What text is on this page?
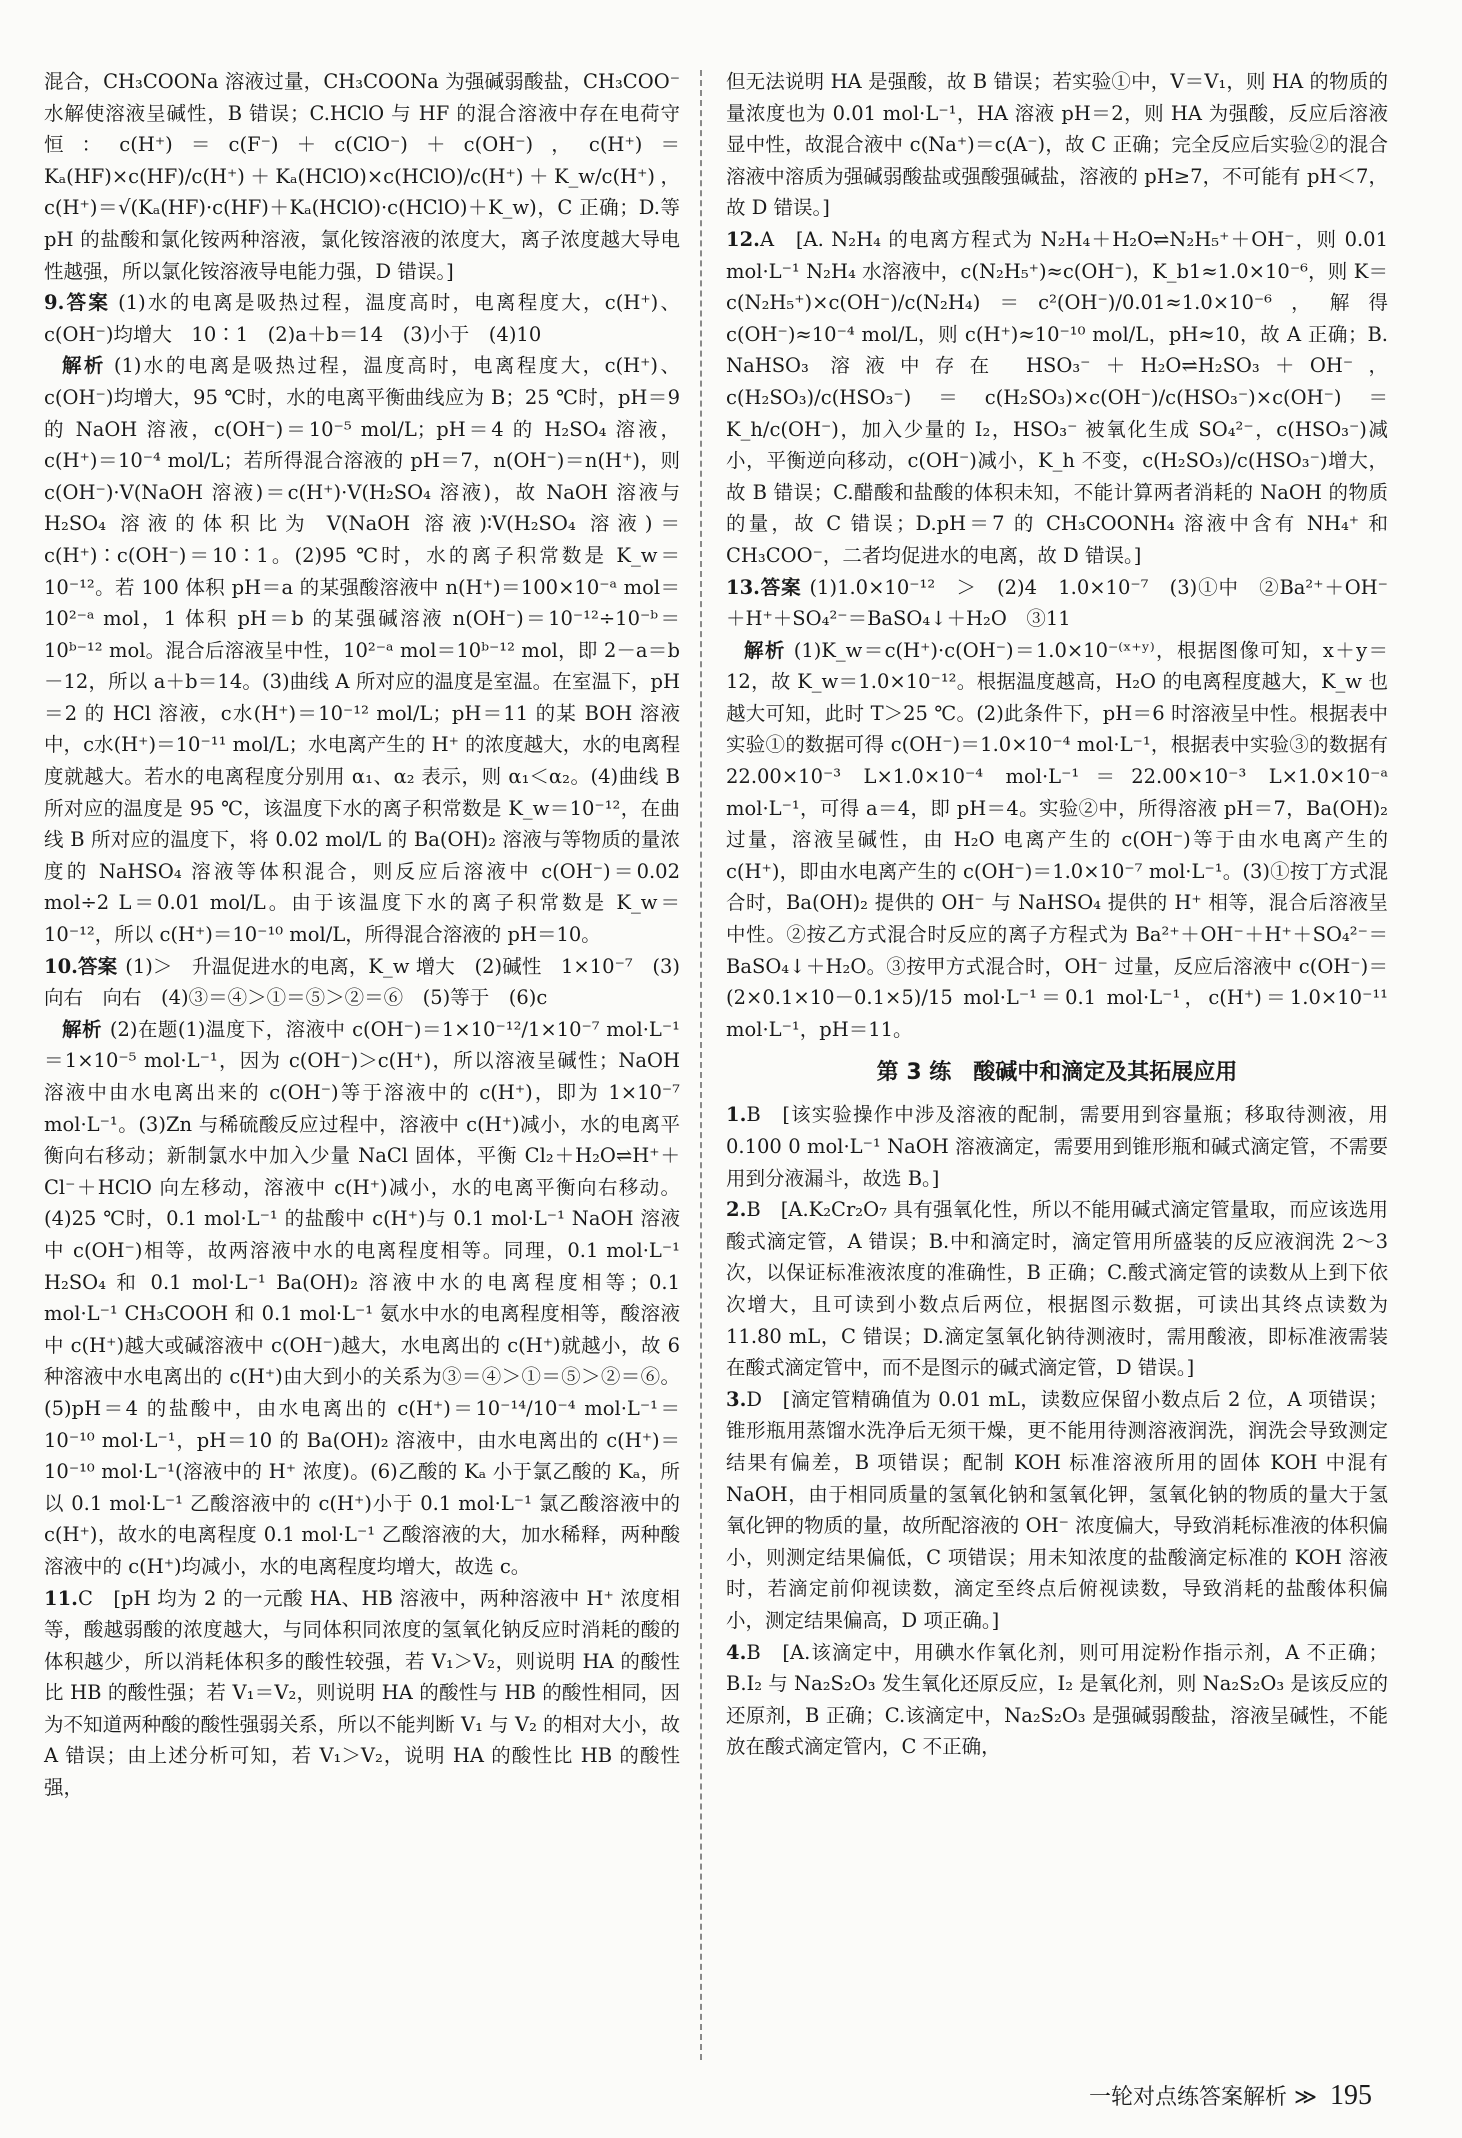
混合，CH₃COONa 溶液过量，CH₃COONa 为强碱弱酸盐，CH₃COO⁻ 水解使溶液呈碱性，B 错误；C.HClO 与 HF 的混合溶液中存在电荷守恒：c(H⁺)＝c(F⁻)＋c(ClO⁻)＋c(OH⁻)，c(H⁺)＝Kₐ(HF)×c(HF)/c(H⁺)＋Kₐ(HClO)×c(HClO)/c(H⁺)＋K_w/c(H⁺)，c(H⁺)＝√(Kₐ(HF)·c(HF)＋Kₐ(HClO)·c(HClO)＋K_w)，C 正确；D.等 pH 的盐酸和氯化铵两种溶液，氯化铵溶液的浓度大，离子浓度越大导电性越强，所以氯化铵溶液导电能力强，D 错误。]

9.答案 (1)水的电离是吸热过程，温度高时，电离程度大，c(H⁺)、c(OH⁻)均增大　10∶1　(2)a＋b＝14　(3)小于　(4)10

解析 (1)水的电离是吸热过程，温度高时，电离程度大，c(H⁺)、c(OH⁻)均增大，95 ℃时，水的电离平衡曲线应为 B；25 ℃时，pH＝9 的 NaOH 溶液，c(OH⁻)＝10⁻⁵ mol/L；pH＝4 的 H₂SO₄ 溶液，c(H⁺)＝10⁻⁴ mol/L；若所得混合溶液的 pH＝7，n(OH⁻)＝n(H⁺)，则 c(OH⁻)·V(NaOH 溶液)＝c(H⁺)·V(H₂SO₄ 溶液)，故 NaOH 溶液与 H₂SO₄ 溶液的体积比为 V(NaOH 溶液)∶V(H₂SO₄ 溶液)＝c(H⁺)∶c(OH⁻)＝10∶1。(2)95 ℃时，水的离子积常数是 K_w＝10⁻¹²。若 100 体积 pH＝a 的某强酸溶液中 n(H⁺)＝100×10⁻ᵃ mol＝10²⁻ᵃ mol，1 体积 pH＝b 的某强碱溶液 n(OH⁻)＝10⁻¹²÷10⁻ᵇ＝10ᵇ⁻¹² mol。混合后溶液呈中性，10²⁻ᵃ mol＝10ᵇ⁻¹² mol，即 2－a＝b－12，所以 a＋b＝14。(3)曲线 A 所对应的温度是室温。在室温下，pH＝2 的 HCl 溶液，c水(H⁺)＝10⁻¹² mol/L；pH＝11 的某 BOH 溶液中，c水(H⁺)＝10⁻¹¹ mol/L；水电离产生的 H⁺ 的浓度越大，水的电离程度就越大。若水的电离程度分别用 α₁、α₂ 表示，则 α₁＜α₂。(4)曲线 B 所对应的温度是 95 ℃，该温度下水的离子积常数是 K_w＝10⁻¹²，在曲线 B 所对应的温度下，将 0.02 mol/L 的 Ba(OH)₂ 溶液与等物质的量浓度的 NaHSO₄ 溶液等体积混合，则反应后溶液中 c(OH⁻)＝0.02 mol÷2 L＝0.01 mol/L。由于该温度下水的离子积常数是 K_w＝10⁻¹²，所以 c(H⁺)＝10⁻¹⁰ mol/L，所得混合溶液的 pH＝10。

10.答案 (1)＞　升温促进水的电离，K_w 增大　(2)碱性　1×10⁻⁷　(3)向右　向右　(4)③＝④＞①＝⑤＞②＝⑥　(5)等于　(6)c

解析 (2)在题(1)温度下，溶液中 c(OH⁻)＝1×10⁻¹²/1×10⁻⁷ mol·L⁻¹＝1×10⁻⁵ mol·L⁻¹，因为 c(OH⁻)＞c(H⁺)，所以溶液呈碱性；NaOH 溶液中由水电离出来的 c(OH⁻)等于溶液中的 c(H⁺)，即为 1×10⁻⁷ mol·L⁻¹。(3)Zn 与稀硫酸反应过程中，溶液中 c(H⁺)减小，水的电离平衡向右移动；新制氯水中加入少量 NaCl 固体，平衡 Cl₂＋H₂O⇌H⁺＋Cl⁻＋HClO 向左移动，溶液中 c(H⁺)减小，水的电离平衡向右移动。(4)25 ℃时，0.1 mol·L⁻¹ 的盐酸中 c(H⁺)与 0.1 mol·L⁻¹ NaOH 溶液中 c(OH⁻)相等，故两溶液中水的电离程度相等。同理，0.1 mol·L⁻¹ H₂SO₄ 和 0.1 mol·L⁻¹ Ba(OH)₂ 溶液中水的电离程度相等；0.1 mol·L⁻¹ CH₃COOH 和 0.1 mol·L⁻¹ 氨水中水的电离程度相等，酸溶液中 c(H⁺)越大或碱溶液中 c(OH⁻)越大，水电离出的 c(H⁺)就越小，故 6 种溶液中水电离出的 c(H⁺)由大到小的关系为③＝④＞①＝⑤＞②＝⑥。(5)pH＝4 的盐酸中，由水电离出的 c(H⁺)＝10⁻¹⁴/10⁻⁴ mol·L⁻¹＝10⁻¹⁰ mol·L⁻¹，pH＝10 的 Ba(OH)₂ 溶液中，由水电离出的 c(H⁺)＝10⁻¹⁰ mol·L⁻¹(溶液中的 H⁺ 浓度)。(6)乙酸的 Kₐ 小于氯乙酸的 Kₐ，所以 0.1 mol·L⁻¹ 乙酸溶液中的 c(H⁺)小于 0.1 mol·L⁻¹ 氯乙酸溶液中的 c(H⁺)，故水的电离程度 0.1 mol·L⁻¹ 乙酸溶液的大，加水稀释，两种酸溶液中的 c(H⁺)均减小，水的电离程度均增大，故选 c。

11.C　[pH 均为 2 的一元酸 HA、HB 溶液中，两种溶液中 H⁺ 浓度相等，酸越弱酸的浓度越大，与同体积同浓度的氢氧化钠反应时消耗的酸的体积越少，所以消耗体积多的酸性较强，若 V₁＞V₂，则说明 HA 的酸性比 HB 的酸性强；若 V₁＝V₂，则说明 HA 的酸性与 HB 的酸性相同，因为不知道两种酸的酸性强弱关系，所以不能判断 V₁ 与 V₂ 的相对大小，故 A 错误；由上述分析可知，若 V₁＞V₂，说明 HA 的酸性比 HB 的酸性强，

但无法说明 HA 是强酸，故 B 错误；若实验①中，V＝V₁，则 HA 的物质的量浓度也为 0.01 mol·L⁻¹，HA 溶液 pH＝2，则 HA 为强酸，反应后溶液显中性，故混合液中 c(Na⁺)＝c(A⁻)，故 C 正确；完全反应后实验②的混合溶液中溶质为强碱弱酸盐或强酸强碱盐，溶液的 pH≥7，不可能有 pH＜7，故 D 错误。]

12.A　[A. N₂H₄ 的电离方程式为 N₂H₄＋H₂O⇌N₂H₅⁺＋OH⁻，则 0.01 mol·L⁻¹ N₂H₄ 水溶液中，c(N₂H₅⁺)≈c(OH⁻)，K_b1≈1.0×10⁻⁶，则 K＝c(N₂H₅⁺)×c(OH⁻)/c(N₂H₄)＝c²(OH⁻)/0.01≈1.0×10⁻⁶，解得 c(OH⁻)≈10⁻⁴ mol/L，则 c(H⁺)≈10⁻¹⁰ mol/L，pH≈10，故 A 正确；B. NaHSO₃ 溶液中存在 HSO₃⁻＋H₂O⇌H₂SO₃＋OH⁻，c(H₂SO₃)/c(HSO₃⁻)＝c(H₂SO₃)×c(OH⁻)/c(HSO₃⁻)×c(OH⁻)＝K_h/c(OH⁻)，加入少量的 I₂，HSO₃⁻ 被氧化生成 SO₄²⁻，c(HSO₃⁻)减小，平衡逆向移动，c(OH⁻)减小，K_h 不变，c(H₂SO₃)/c(HSO₃⁻)增大，故 B 错误；C.醋酸和盐酸的体积未知，不能计算两者消耗的 NaOH 的物质的量，故 C 错误；D.pH＝7 的 CH₃COONH₄ 溶液中含有 NH₄⁺ 和 CH₃COO⁻，二者均促进水的电离，故 D 错误。]

13.答案 (1)1.0×10⁻¹²　＞　(2)4　1.0×10⁻⁷　(3)①中　②Ba²⁺＋OH⁻＋H⁺＋SO₄²⁻＝BaSO₄↓＋H₂O　③11

解析 (1)K_w＝c(H⁺)·c(OH⁻)＝1.0×10⁻⁽ˣ⁺ʸ⁾，根据图像可知，x＋y＝12，故 K_w＝1.0×10⁻¹²。根据温度越高，H₂O 的电离程度越大，K_w 也越大可知，此时 T＞25 ℃。(2)此条件下，pH＝6 时溶液呈中性。根据表中实验①的数据可得 c(OH⁻)＝1.0×10⁻⁴ mol·L⁻¹，根据表中实验③的数据有 22.00×10⁻³ L×1.0×10⁻⁴ mol·L⁻¹＝22.00×10⁻³ L×1.0×10⁻ᵃ mol·L⁻¹，可得 a＝4，即 pH＝4。实验②中，所得溶液 pH＝7，Ba(OH)₂ 过量，溶液呈碱性，由 H₂O 电离产生的 c(OH⁻)等于由水电离产生的 c(H⁺)，即由水电离产生的 c(OH⁻)＝1.0×10⁻⁷ mol·L⁻¹。(3)①按丁方式混合时，Ba(OH)₂ 提供的 OH⁻ 与 NaHSO₄ 提供的 H⁺ 相等，混合后溶液呈中性。②按乙方式混合时反应的离子方程式为 Ba²⁺＋OH⁻＋H⁺＋SO₄²⁻＝BaSO₄↓＋H₂O。③按甲方式混合时，OH⁻ 过量，反应后溶液中 c(OH⁻)＝(2×0.1×10－0.1×5)/15 mol·L⁻¹＝0.1 mol·L⁻¹，c(H⁺)＝1.0×10⁻¹¹ mol·L⁻¹，pH＝11。

第 3 练　酸碱中和滴定及其拓展应用

1.B　[该实验操作中涉及溶液的配制，需要用到容量瓶；移取待测液，用 0.100 0 mol·L⁻¹ NaOH 溶液滴定，需要用到锥形瓶和碱式滴定管，不需要用到分液漏斗，故选 B。]

2.B　[A.K₂Cr₂O₇ 具有强氧化性，所以不能用碱式滴定管量取，而应该选用酸式滴定管，A 错误；B.中和滴定时，滴定管用所盛装的反应液润洗 2～3 次，以保证标准液浓度的准确性，B 正确；C.酸式滴定管的读数从上到下依次增大，且可读到小数点后两位，根据图示数据，可读出其终点读数为 11.80 mL，C 错误；D.滴定氢氧化钠待测液时，需用酸液，即标准液需装在酸式滴定管中，而不是图示的碱式滴定管，D 错误。]

3.D　[滴定管精确值为 0.01 mL，读数应保留小数点后 2 位，A 项错误；锥形瓶用蒸馏水洗净后无须干燥，更不能用待测溶液润洗，润洗会导致测定结果有偏差，B 项错误；配制 KOH 标准溶液所用的固体 KOH 中混有 NaOH，由于相同质量的氢氧化钠和氢氧化钾，氢氧化钠的物质的量大于氢氧化钾的物质的量，故所配溶液的 OH⁻ 浓度偏大，导致消耗标准液的体积偏小，则测定结果偏低，C 项错误；用未知浓度的盐酸滴定标准的 KOH 溶液时，若滴定前仰视读数，滴定至终点后俯视读数，导致消耗的盐酸体积偏小，测定结果偏高，D 项正确。]

4.B　[A.该滴定中，用碘水作氧化剂，则可用淀粉作指示剂，A 不正确；B.I₂ 与 Na₂S₂O₃ 发生氧化还原反应，I₂ 是氧化剂，则 Na₂S₂O₃ 是该反应的还原剂，B 正确；C.该滴定中，Na₂S₂O₃ 是强碱弱酸盐，溶液呈碱性，不能放在酸式滴定管内，C 不正确，

一轮对点练答案解析 ≫ 195
